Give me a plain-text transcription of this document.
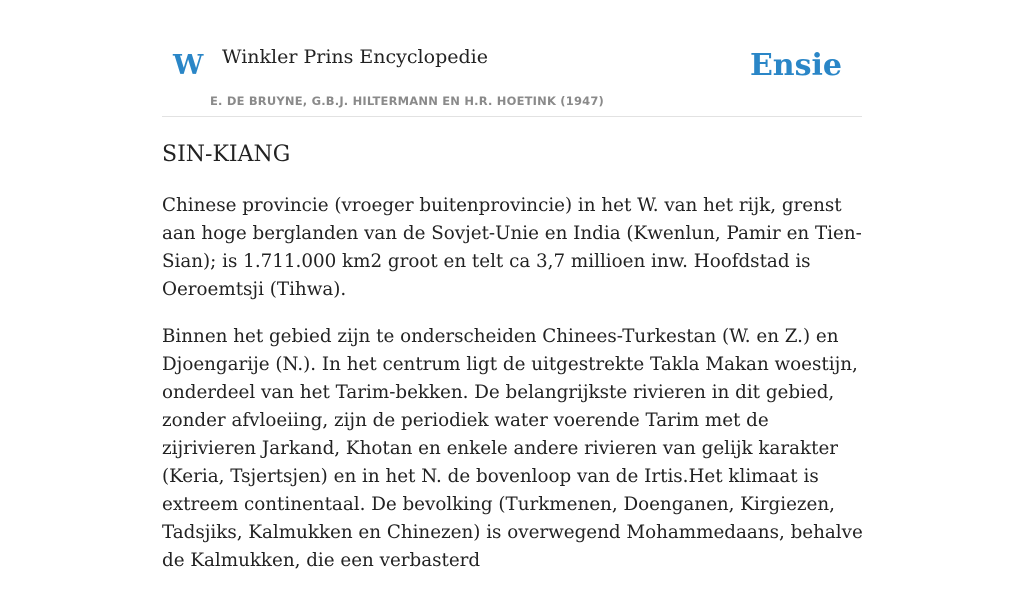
W Winkler Prins Encyclopedie
E. DE BRUYNE, G.B.J. HILTERMANN EN H.R. HOETINK (1947)
Ensie
SIN-KIANG

Chinese provincie (vroeger buitenprovincie) in het W. van het rijk, grenst aan hoge berglanden van de Sovjet-Unie en India (Kwenlun, Pamir en Tien-Sian); is 1.711.000 km2 groot en telt ca 3,7 millioen inw. Hoofdstad is Oeroemtsji (Tihwa).

Binnen het gebied zijn te onderscheiden Chinees-Turkestan (W. en Z.) en Djoengarije (N.). In het centrum ligt de uitgestrekte Takla Makan woestijn, onderdeel van het Tarim-bekken. De belangrijkste rivieren in dit gebied, zonder afvloeiing, zijn de periodiek water voerende Tarim met de zijrivieren Jarkand, Khotan en enkele andere rivieren van gelijk karakter (Keria, Tsjertsjen) en in het N. de bovenloop van de Irtis.Het klimaat is extreem continentaal. De bevolking (Turkmenen, Doenganen, Kirgiezen, Tadsjiks, Kalmukken en Chinezen) is overwegend Mohammedaans, behalve de Kalmukken, die een verbasterd
